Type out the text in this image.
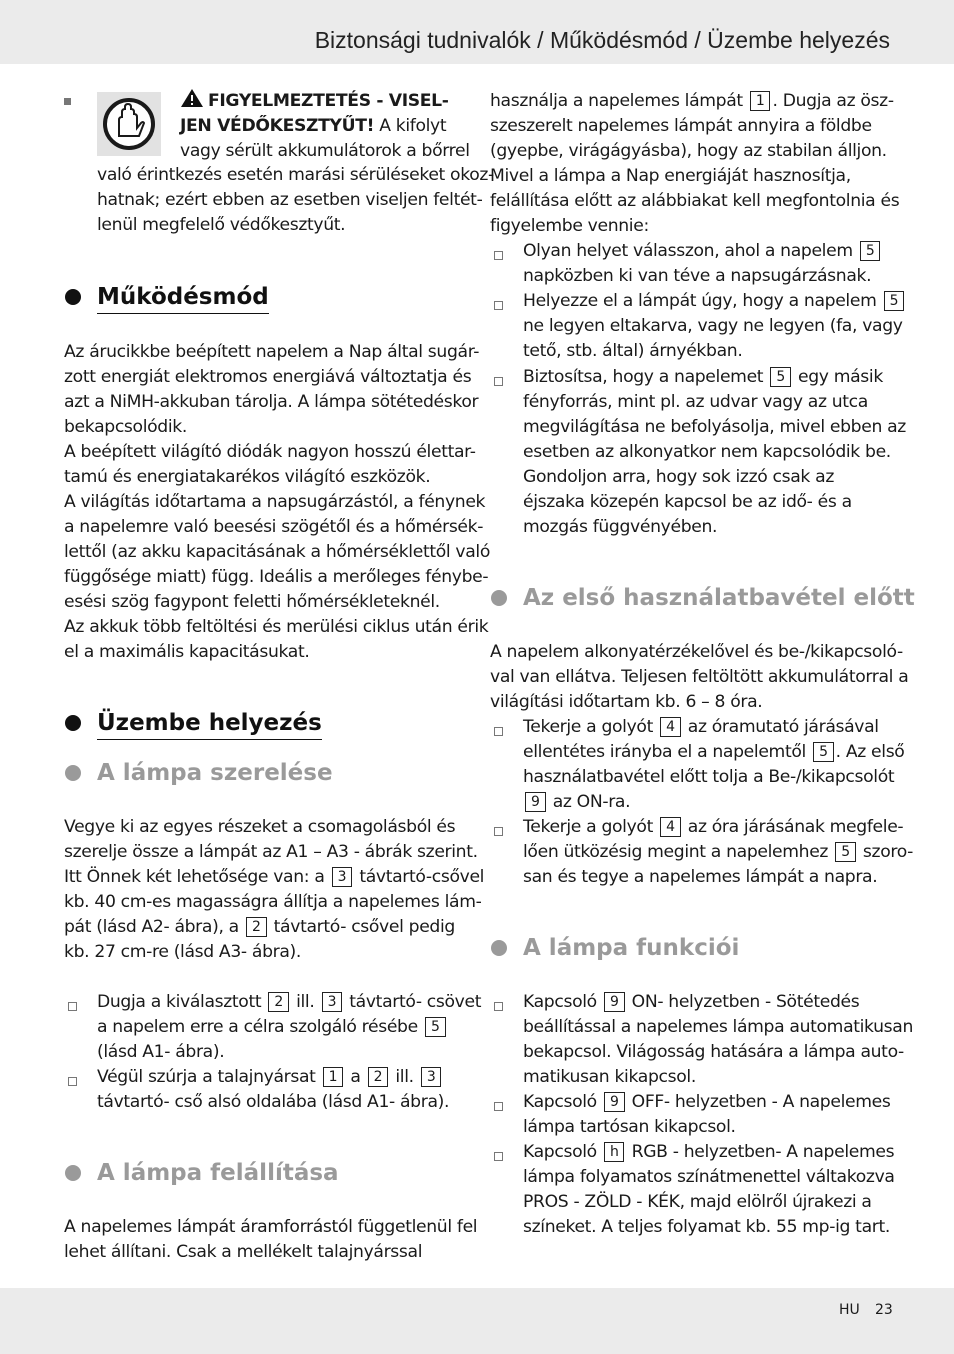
Biztonsági tudnivalók / Működésmód / Üzembe helyezés
HU 23
FIGYELMEZTETÉS - VISEL-
JEN VÉDŐKESZTYŰT! A kifolyt
vagy sérült akkumulátorok a bőrrel
való érintkezés esetén marási sérüléseket okoz-
hatnak; ezért ebben az esetben viseljen feltét-
lenül megfelelő védőkesztyűt.
Működésmód
Az árucikkbe beépített napelem a Nap által sugár-
zott energiát elektromos energiává változtatja és
azt a NiMH-akkuban tárolja. A lámpa sötétedéskor
bekapcsolódik.
A beépített világító diódák nagyon hosszú élettar-
tamú és energiatakarékos világító eszközök.
A világítás időtartama a napsugárzástól, a fénynek
a napelemre való beesési szögétől és a hőmérsék-
lettől (az akku kapacitásának a hőmérséklettől való
függősége miatt) függ. Ideális a merőleges fénybe-
esési szög fagypont feletti hőmérsékleteknél.
Az akkuk több feltöltési és merülési ciklus után érik
el a maximális kapacitásukat.
Üzembe helyezés
A lámpa szerelése
Vegye ki az egyes részeket a csomagolásból és
szerelje össze a lámpát az A1 – A3 - ábrák szerint.
Itt Önnek két lehetősége van: a 3 távtartó-csővel
kb. 40 cm-es magasságra állítja a napelemes lám-
pát (lásd A2- ábra), a 2 távtartó- csővel pedig
kb. 27 cm-re (lásd A3- ábra).
Dugja a kiválasztott 2 ill. 3 távtartó- csövet
a napelem erre a célra szolgáló résébe 5
(lásd A1- ábra).
Végül szúrja a talajnyársat 1 a 2 ill. 3
távtartó- cső alsó oldalába (lásd A1- ábra).
A lámpa felállítása
A napelemes lámpát áramforrástól függetlenül fel
lehet állítani. Csak a mellékelt talajnyárssal
használja a napelemes lámpát 1 . Dugja az ösz-
szeszerelt napelemes lámpát annyira a földbe
(gyepbe, virágágyásba), hogy az stabilan álljon.
Mivel a lámpa a Nap energiáját hasznosítja,
felállítása előtt az alábbiakat kell megfontolnia és
figyelembe vennie:
Olyan helyet válasszon, ahol a napelem 5
napközben ki van téve a napsugárzásnak.
Helyezze el a lámpát úgy, hogy a napelem 5
ne legyen eltakarva, vagy ne legyen (fa, vagy
tető, stb. által) árnyékban.
Biztosítsa, hogy a napelemet 5 egy másik
fényforrás, mint pl. az udvar vagy az utca
megvilágítása ne befolyásolja, mivel ebben az
esetben az alkonyatkor nem kapcsolódik be.
Gondoljon arra, hogy sok izzó csak az
éjszaka közepén kapcsol be az idő- és a
mozgás függvényében.
Az első használatbavétel előtt
A napelem alkonyatérzékelővel és be-/kikapcsoló-
val van ellátva. Teljesen feltöltött akkumulátorral a
világítási időtartam kb. 6 – 8 óra.
Tekerje a golyót 4 az óramutató járásával
ellentétes irányba el a napelemtől 5 . Az első
használatbavétel előtt tolja a Be-/kikapcsolót
9 az ON-ra.
Tekerje a golyót 4 az óra járásának megfele-
lően ütközésig megint a napelemhez 5 szoro-
san és tegye a napelemes lámpát a napra.
A lámpa funkciói
Kapcsoló 9 ON- helyzetben - Sötétedés
beállítással a napelemes lámpa automatikusan
bekapcsol. Világosság hatására a lámpa auto-
matikusan kikapcsol.
Kapcsoló 9 OFF- helyzetben - A napelemes
lámpa tartósan kikapcsol.
Kapcsoló h RGB - helyzetben- A napelemes
lámpa folyamatos színátmenettel váltakozva
PROS - ZÖLD - KÉK, majd elölről újrakezi a
színeket. A teljes folyamat kb. 55 mp-ig tart.
